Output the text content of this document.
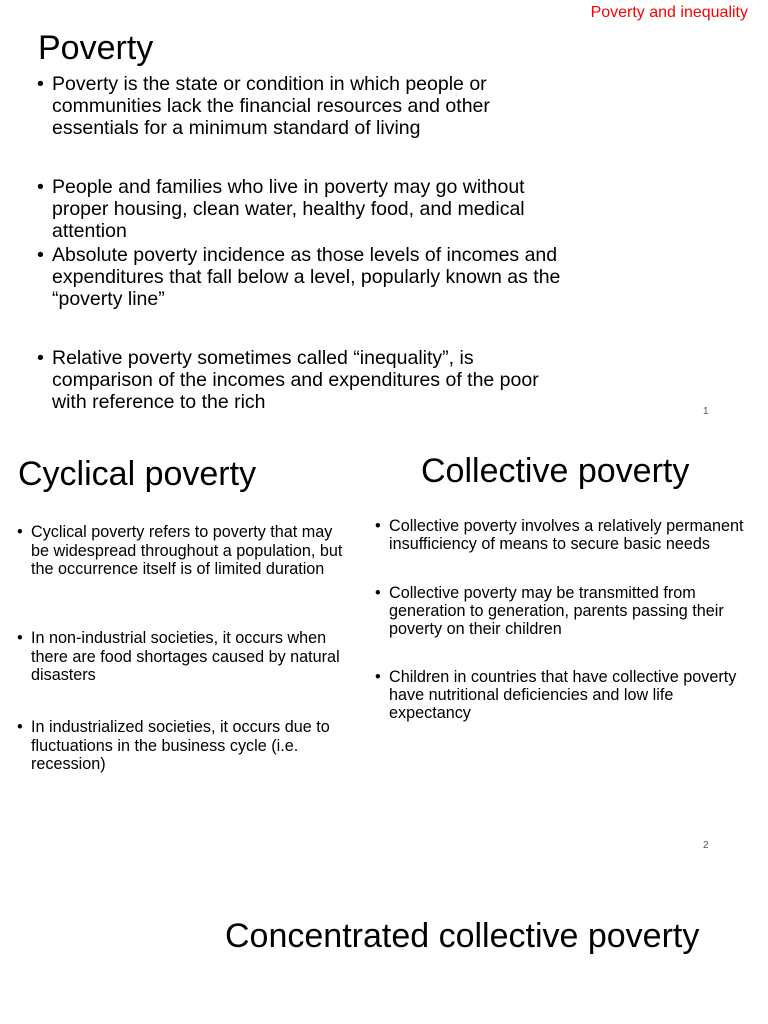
Poverty and inequality
Poverty
• Poverty is the state or condition in which people or communities lack the financial resources and other essentials for a minimum standard of living
• People and families who live in poverty may go without proper housing, clean water, healthy food, and medical attention
• Absolute poverty incidence as those levels of incomes and expenditures that fall below a level, popularly known as the “poverty line”
• Relative poverty sometimes called “inequality”, is comparison of the incomes and expenditures of the poor with reference to the rich	1
Cyclical poverty
• Cyclical poverty refers to poverty that may be widespread throughout a population, but the occurrence itself is of limited duration
• In non-industrial societies, it occurs when there are food shortages caused by natural disasters
• In industrialized societies, it occurs due to fluctuations in the business cycle (i.e. recession)
Collective poverty
• Collective poverty involves a relatively permanent insufficiency of means to secure basic needs
• Collective poverty may be transmitted from generation to generation, parents passing their poverty on their children
• Children in countries that have collective poverty have nutritional deficiencies and low life expectancy
2
Concentrated collective poverty
